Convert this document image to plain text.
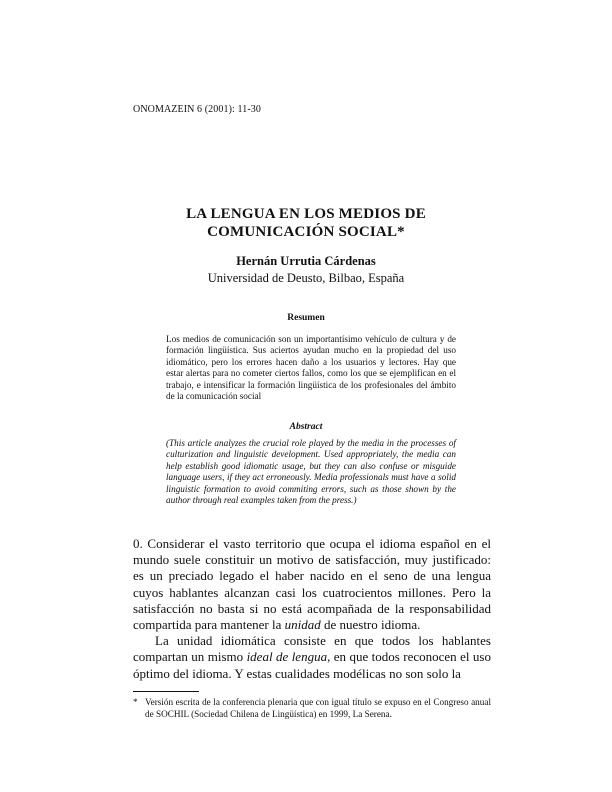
ONOMAZEIN 6 (2001): 11-30
LA LENGUA EN LOS MEDIOS DE
COMUNICACIÓN SOCIAL*
Hernán Urrutia Cárdenas
Universidad de Deusto, Bilbao, España
Resumen
Los medios de comunicación son un importantísimo vehículo de cultura y de formación lingüística. Sus aciertos ayudan mucho en la propiedad del uso idiomático, pero los errores hacen daño a los usuarios y lectores. Hay que estar alertas para no cometer ciertos fallos, como los que se ejemplifican en el trabajo, e intensificar la formación lingüística de los profesionales del ámbito de la comunicación social
Abstract
(This article analyzes the crucial role played by the media in the processes of culturization and linguistic development. Used appropriately, the media can help establish good idiomatic usage, but they can also confuse or misguide language users, if they act erroneously. Media professionals must have a solid linguistic formation to avoid commiting errors, such as those shown by the author through real examples taken from the press.)

0. Considerar el vasto territorio que ocupa el idioma español en el mundo suele constituir un motivo de satisfacción, muy justificado: es un preciado legado el haber nacido en el seno de una lengua cuyos hablantes alcanzan casi los cuatrocientos millones. Pero la satisfacción no basta si no está acompañada de la responsabilidad compartida para mantener la unidad de nuestro idioma.

La unidad idiomática consiste en que todos los hablantes compartan un mismo ideal de lengua, en que todos reconocen el uso óptimo del idioma. Y estas cualidades modélicas no son solo la

* Versión escrita de la conferencia plenaria que con igual título se expuso en el Congreso anual de SOCHIL (Sociedad Chilena de Lingüística) en 1999, La Serena.
